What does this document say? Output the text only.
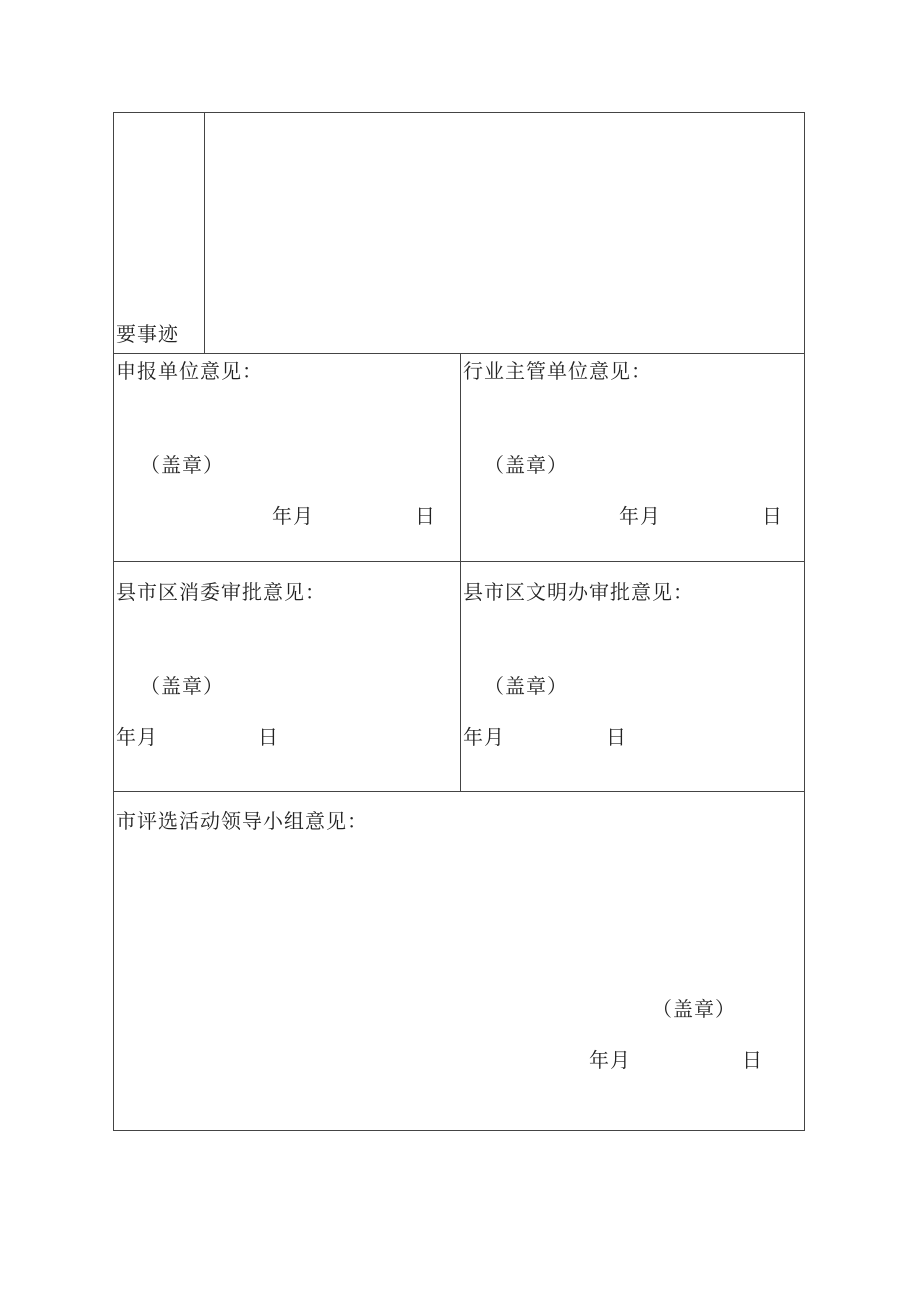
要事迹
申报单位意见：
（盖章）
年月	日
行业主管单位意见：
（盖章）
年月	日
县市区消委审批意见：
（盖章）
年月	日
县市区文明办审批意见：
（盖章）
年月	日
市评选活动领导小组意见：
（盖章）
年月	日
